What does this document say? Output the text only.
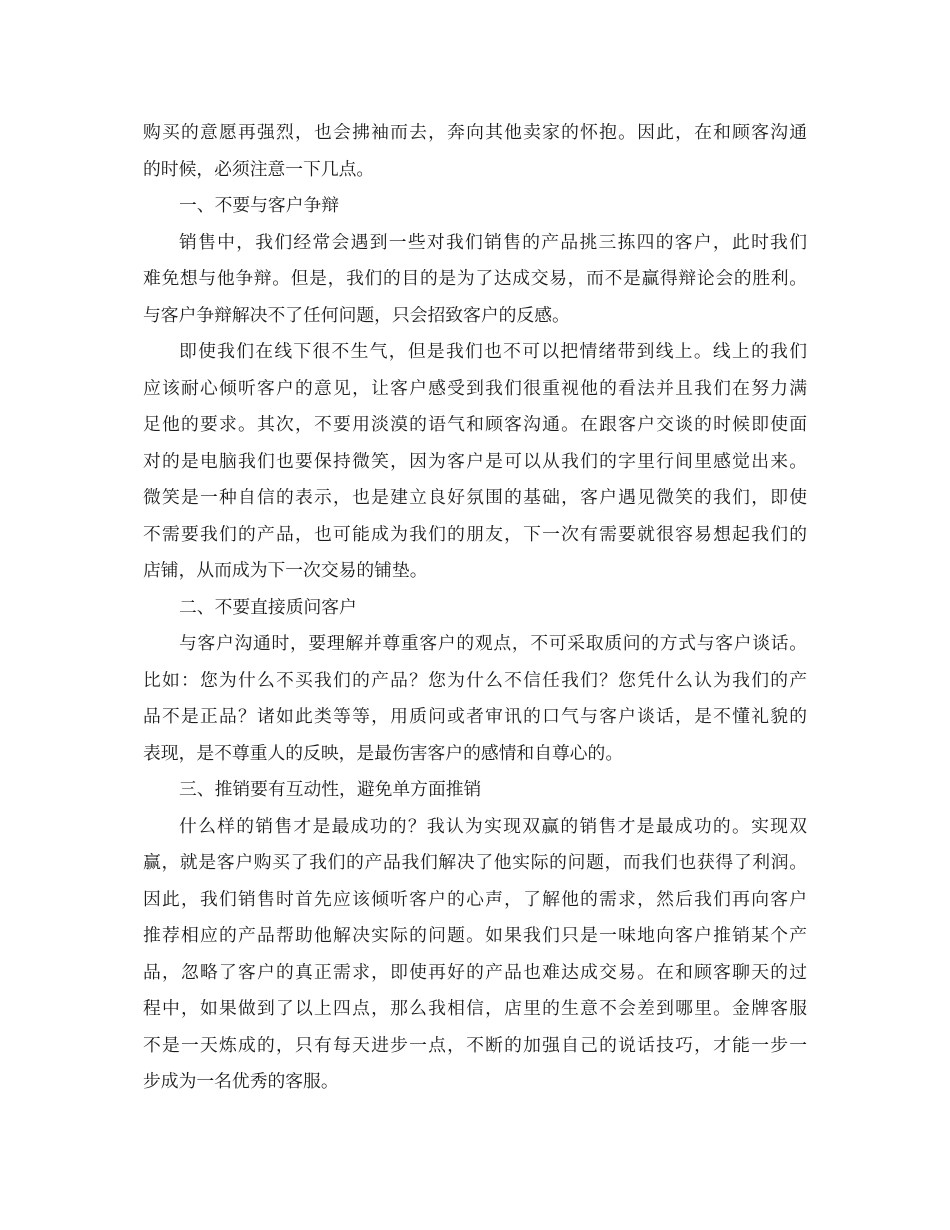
购买的意愿再强烈，也会拂袖而去，奔向其他卖家的怀抱。因此，在和顾客沟通
的时候，必须注意一下几点。
一、不要与客户争辩
销售中，我们经常会遇到一些对我们销售的产品挑三拣四的客户，此时我们
难免想与他争辩。但是，我们的目的是为了达成交易，而不是赢得辩论会的胜利。
与客户争辩解决不了任何问题，只会招致客户的反感。
即使我们在线下很不生气，但是我们也不可以把情绪带到线上。线上的我们
应该耐心倾听客户的意见，让客户感受到我们很重视他的看法并且我们在努力满
足他的要求。其次，不要用淡漠的语气和顾客沟通。在跟客户交谈的时候即使面
对的是电脑我们也要保持微笑，因为客户是可以从我们的字里行间里感觉出来。
微笑是一种自信的表示，也是建立良好氛围的基础，客户遇见微笑的我们，即使
不需要我们的产品，也可能成为我们的朋友，下一次有需要就很容易想起我们的
店铺，从而成为下一次交易的铺垫。
二、不要直接质问客户
与客户沟通时，要理解并尊重客户的观点，不可采取质问的方式与客户谈话。
比如：您为什么不买我们的产品？您为什么不信任我们？您凭什么认为我们的产
品不是正品？诸如此类等等，用质问或者审讯的口气与客户谈话，是不懂礼貌的
表现，是不尊重人的反映，是最伤害客户的感情和自尊心的。
三、推销要有互动性，避免单方面推销
什么样的销售才是最成功的？我认为实现双赢的销售才是最成功的。实现双
赢，就是客户购买了我们的产品我们解决了他实际的问题，而我们也获得了利润。
因此，我们销售时首先应该倾听客户的心声，了解他的需求，然后我们再向客户
推荐相应的产品帮助他解决实际的问题。如果我们只是一味地向客户推销某个产
品，忽略了客户的真正需求，即使再好的产品也难达成交易。在和顾客聊天的过
程中，如果做到了以上四点，那么我相信，店里的生意不会差到哪里。金牌客服
不是一天炼成的，只有每天进步一点，不断的加强自己的说话技巧，才能一步一
步成为一名优秀的客服。
